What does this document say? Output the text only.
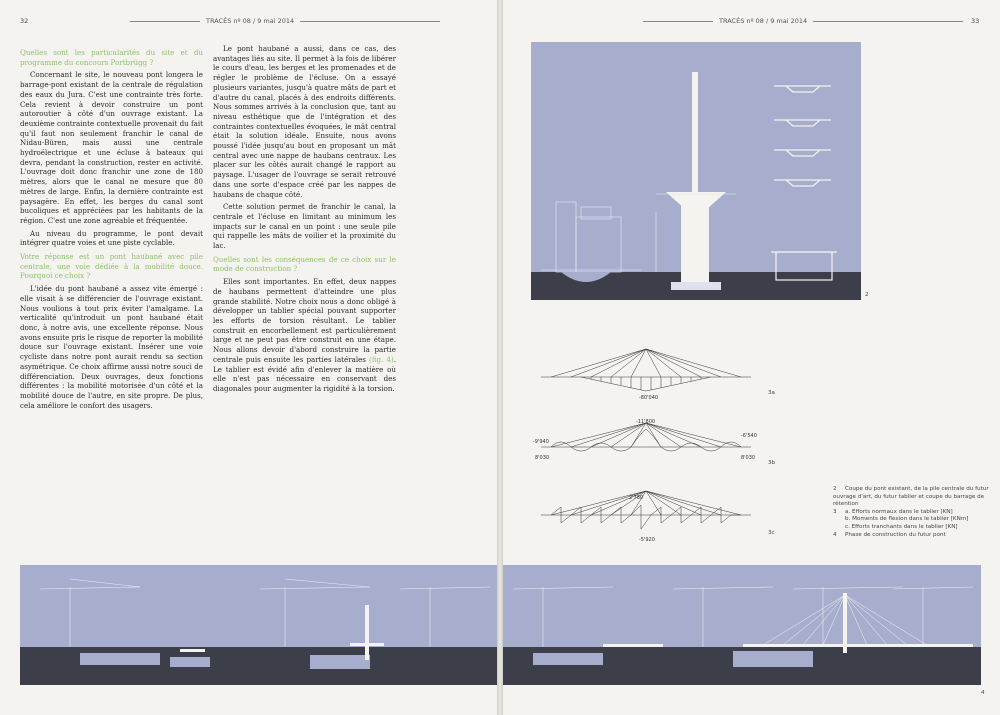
32	TRACÉS nº 08 / 9 mai 2014
Quelles sont les particularités du site et du programme du concours Portbrügg ?

Concernant le site, le nouveau pont longera le barrage-pont existant de la centrale de régulation des eaux du Jura. C'est une contrainte très forte. Cela revient à devoir construire un pont autoroutier à côté d'un ouvrage existant. La deuxième contrainte contextuelle provenait du fait qu'il faut non seulement franchir le canal de Nidau-Büren, mais aussi une centrale hydroélectrique et une écluse à bateaux qui devra, pendant la construction, rester en activité. L'ouvrage doit donc franchir une zone de 180 mètres, alors que le canal ne mesure que 80 mètres de large. Enfin, la dernière contrainte est paysagère. En effet, les berges du canal sont bucoliques et appréciées par les habitants de la région. C'est une zone agréable et fréquentée.

Au niveau du programme, le pont devait intégrer quatre voies et une piste cyclable.

Votre réponse est un pont haubané avec pile centrale, une voie dédiée à la mobilité douce. Pourquoi ce choix ?

L'idée du pont haubané a assez vite émergé : elle visait à se différencier de l'ouvrage existant. Nous voulions à tout prix éviter l'amalgame. La verticalité qu'introduit un pont haubané était donc, à notre avis, une excellente réponse. Nous avons ensuite pris le risque de reporter la mobilité douce sur l'ouvrage existant. Insérer une voie cycliste dans notre pont aurait rendu sa section asymétrique. Ce choix affirme aussi notre souci de différenciation. Deux ouvrages, deux fonctions différentes : la mobilité motorisée d'un côté et la mobilité douce de l'autre, en site propre. De plus, cela améliore le confort des usagers.

Le pont haubané a aussi, dans ce cas, des avantages liés au site. Il permet à la fois de libérer le cours d'eau, les berges et les promenades et de régler le problème de l'écluse. On a essayé plusieurs variantes, jusqu'à quatre mâts de part et d'autre du canal, placés à des endroits différents. Nous sommes arrivés à la conclusion que, tant au niveau esthétique que de l'intégration et des contraintes contextuelles évoquées, le mât central était la solution idéale. Ensuite, nous avons poussé l'idée jusqu'au bout en proposant un mât central avec une nappe de haubans centraux. Les placer sur les côtés aurait changé le rapport au paysage. L'usager de l'ouvrage se serait retrouvé dans une sorte d'espace créé par les nappes de haubans de chaque côté.

Cette solution permet de franchir le canal, la centrale et l'écluse en limitant au minimum les impacts sur le canal en un point : une seule pile qui rappelle les mâts de voilier et la proximité du lac.

Quelles sont les conséquences de ce choix sur le mode de construction ?

Elles sont importantes. En effet, deux nappes de haubans permettent d'atteindre une plus grande stabilité. Notre choix nous a donc obligé à développer un tablier spécial pouvant supporter les efforts de torsion résultant. Le tablier construit en encorbellement est particulièrement large et ne peut pas être construit en une étape. Nous allons devoir d'abord construire la partie centrale puis ensuite les parties latérales (fig. 4). Le tablier est évidé afin d'enlever la matière où elle n'est pas nécessaire en conservant des diagonales pour augmenter la rigidité à la torsion.

TRACÉS nº 08 / 9 mai 2014	33
2
-80'040
3a
-11'800
-6'540
-9'940
8'030	8'030
3b
2'780
-5'920
3c
2 Coupe du pont existant, de la pile centrale du futur ouvrage d'art, du futur tablier et coupe du barrage de rétention
3 a. Efforts normaux dans le tablier [KN]
b. Moments de flexion dans le tablier [KNm]
c. Efforts tranchants dans le tablier [KN]
4 Phase de construction du futur pont
4
